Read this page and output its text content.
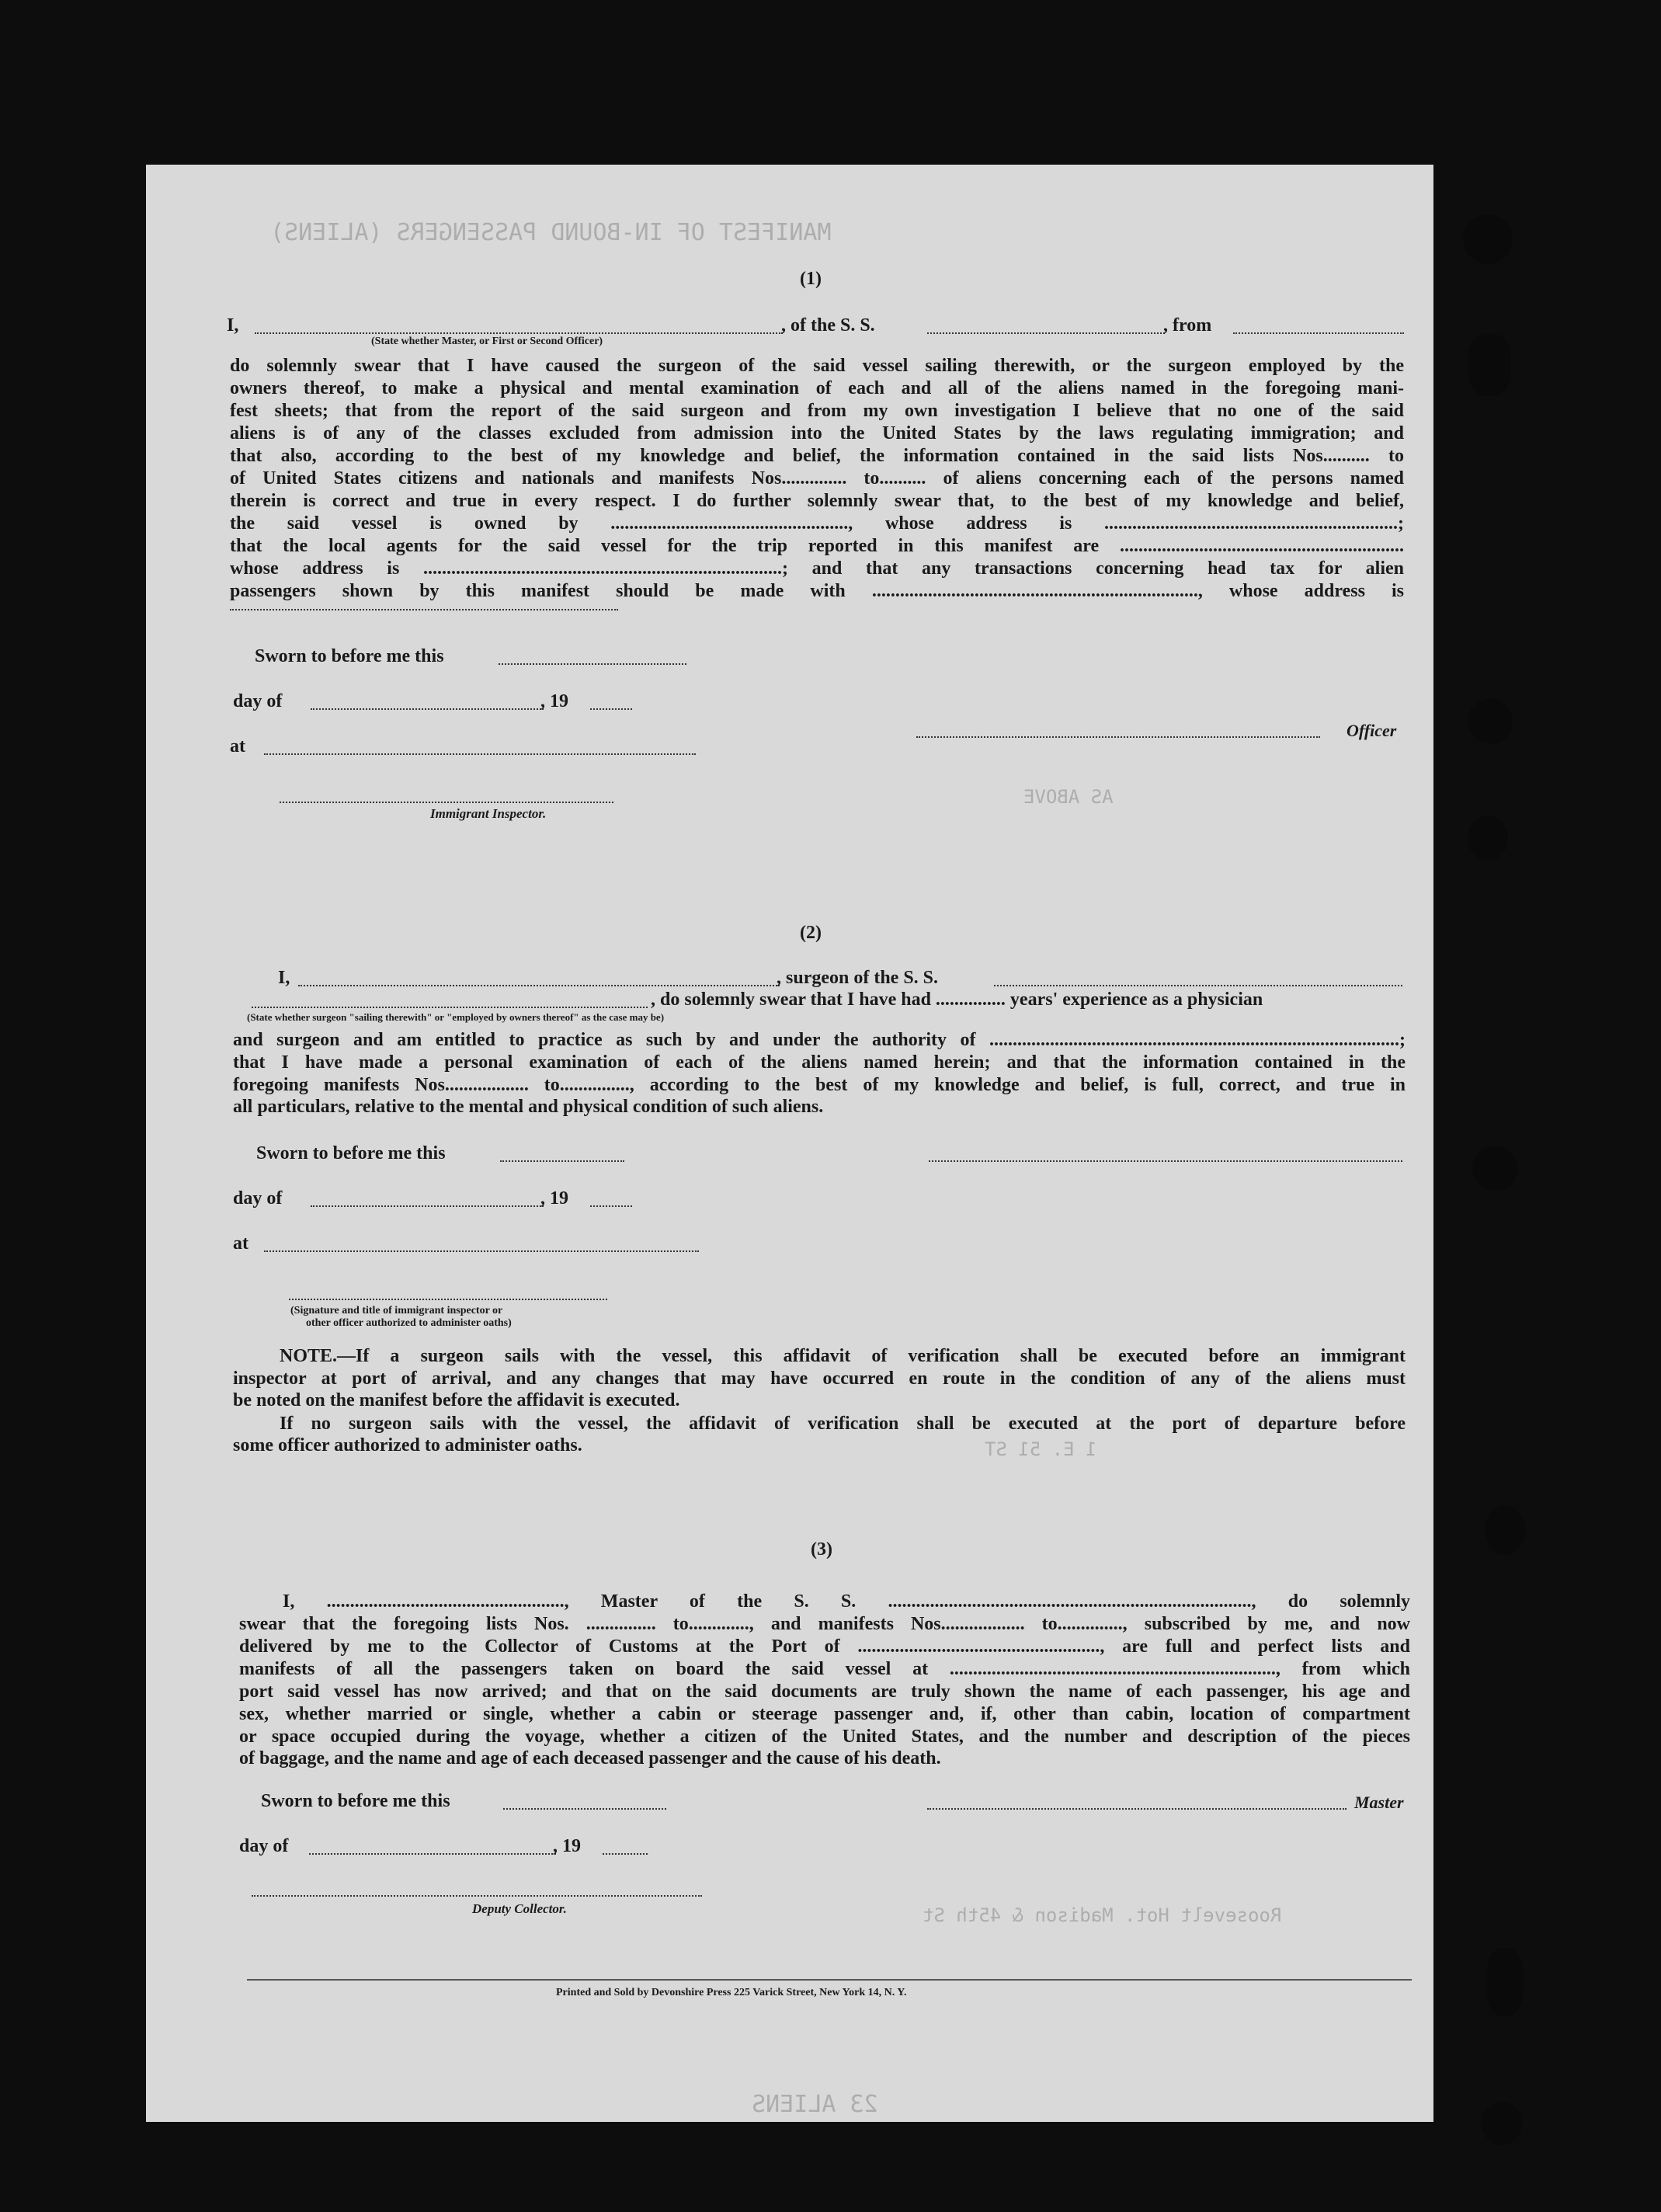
MANIFEST OF IN-BOUND PASSENGERS (ALIENS)
AS ABOVE
1 E. 51 ST
Roosevelt Hot. Madison & 45th St
23 ALIENS
(1)
I,	, of the S. S.	, from
(State whether Master, or First or Second Officer)
do solemnly swear that I have caused the surgeon of the said vessel sailing therewith, or the surgeon employed by the
owners thereof, to make a physical and mental examination of each and all of the aliens named in the foregoing mani-
fest sheets; that from the report of the said surgeon and from my own investigation I believe that no one of the said
aliens is of any of the classes excluded from admission into the United States by the laws regulating immigration; and
that also, according to the best of my knowledge and belief, the information contained in the said lists Nos.......... to
of United States citizens and nationals and manifests Nos.............. to.......... of aliens concerning each of the persons named
therein is correct and true in every respect. I do further solemnly swear that, to the best of my knowledge and belief,
the said vessel is owned by ..................................................., whose address is ...............................................................;
that the local agents for the said vessel for the trip reported in this manifest are .............................................................
whose address is .............................................................................; and that any transactions concerning head tax for alien
passengers shown by this manifest should be made with ......................................................................, whose address is
Sworn to before me this
day of	, 19
at
Immigrant Inspector.
Officer
(2)
I,	, surgeon of the S. S.
, do solemnly swear that I have had ............... years' experience as a physician
(State whether surgeon "sailing therewith" or "employed by owners thereof" as the case may be)
and surgeon and am entitled to practice as such by and under the authority of ........................................................................................;
that I have made a personal examination of each of the aliens named herein; and that the information contained in the
foregoing manifests Nos.................. to..............., according to the best of my knowledge and belief, is full, correct, and true in
all particulars, relative to the mental and physical condition of such aliens.
Sworn to before me this
day of	, 19
at
(Signature and title of immigrant inspector or
other officer authorized to administer oaths)
NOTE.—If a surgeon sails with the vessel, this affidavit of verification shall be executed before an immigrant
inspector at port of arrival, and any changes that may have occurred en route in the condition of any of the aliens must
be noted on the manifest before the affidavit is executed.
If no surgeon sails with the vessel, the affidavit of verification shall be executed at the port of departure before
some officer authorized to administer oaths.
(3)
I, ..................................................., Master of the S. S. .............................................................................., do solemnly
swear that the foregoing lists Nos. ............... to............., and manifests Nos.................. to.............., subscribed by me, and now
delivered by me to the Collector of Customs at the Port of ...................................................., are full and perfect lists and
manifests of all the passengers taken on board the said vessel at ......................................................................, from which
port said vessel has now arrived; and that on the said documents are truly shown the name of each passenger, his age and
sex, whether married or single, whether a cabin or steerage passenger and, if, other than cabin, location of compartment
or space occupied during the voyage, whether a citizen of the United States, and the number and description of the pieces
of baggage, and the name and age of each deceased passenger and the cause of his death.
Sworn to before me this
day of	, 19
Deputy Collector.
Master
Printed and Sold by Devonshire Press 225 Varick Street, New York 14, N. Y.
